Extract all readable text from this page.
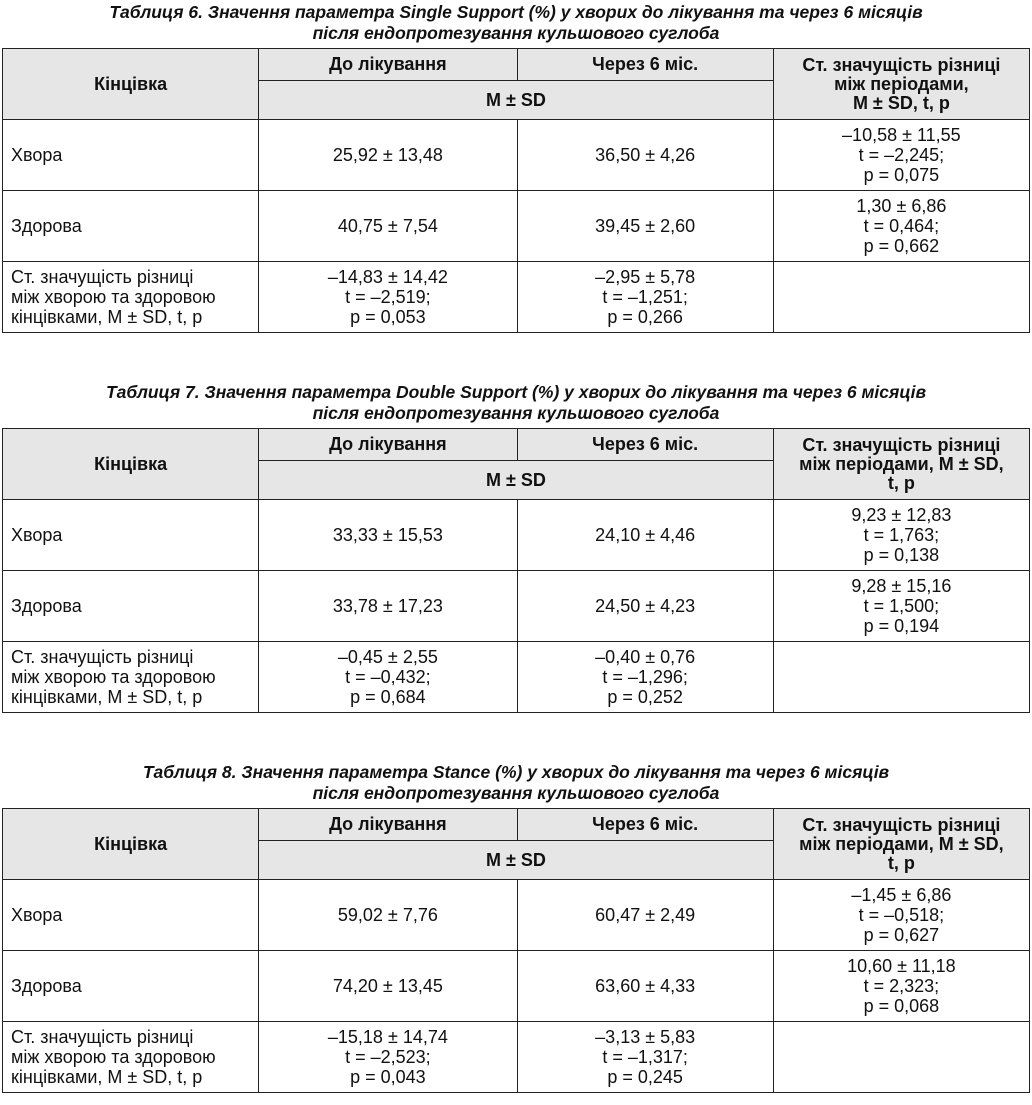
Таблиця 6. Значення параметра Single Support (%) у хворих до лікування та через 6 місяців
після ендопротезування кульшового суглоба

Кінцівка	До лікування	Через 6 міс.	Ст. значущість різниці
між періодами,
M ± SD, t, p

	M ± SD		

Хвора	25,92 ± 13,48	36,50 ± 4,26	–10,58 ± 11,55
t = –2,245;
p = 0,075

Здорова	40,75 ± 7,54	39,45 ± 2,60	1,30 ± 6,86
t = 0,464;
p = 0,662

Ст. значущість різниці
між хворою та здоровою
кінцівками, M ± SD, t, p	–14,83 ± 14,42
t = –2,519;
p = 0,053	–2,95 ± 5,78
t = –1,251;
p = 0,266	

Таблиця 7. Значення параметра Double Support (%) у хворих до лікування та через 6 місяців
після ендопротезування кульшового суглоба

Кінцівка	До лікування	Через 6 міс.	Ст. значущість різниці
між періодами, M ± SD,
t, p

	M ± SD		

Хвора	33,33 ± 15,53	24,10 ± 4,46	9,23 ± 12,83
t = 1,763;
p = 0,138

Здорова	33,78 ± 17,23	24,50 ± 4,23	9,28 ± 15,16
t = 1,500;
p = 0,194

Ст. значущість різниці
між хворою та здоровою
кінцівками, M ± SD, t, p	–0,45 ± 2,55
t = –0,432;
p = 0,684	–0,40 ± 0,76
t = –1,296;
p = 0,252	

Таблиця 8. Значення параметра Stance (%) у хворих до лікування та через 6 місяців
після ендопротезування кульшового суглоба

Кінцівка	До лікування	Через 6 міс.	Ст. значущість різниці
між періодами, M ± SD,
t, p

	M ± SD		

Хвора	59,02 ± 7,76	60,47 ± 2,49	–1,45 ± 6,86
t = –0,518;
p = 0,627

Здорова	74,20 ± 13,45	63,60 ± 4,33	10,60 ± 11,18
t = 2,323;
p = 0,068

Ст. значущість різниці
між хворою та здоровою
кінцівками, M ± SD, t, p	–15,18 ± 14,74
t = –2,523;
p = 0,043	–3,13 ± 5,83
t = –1,317;
p = 0,245	
